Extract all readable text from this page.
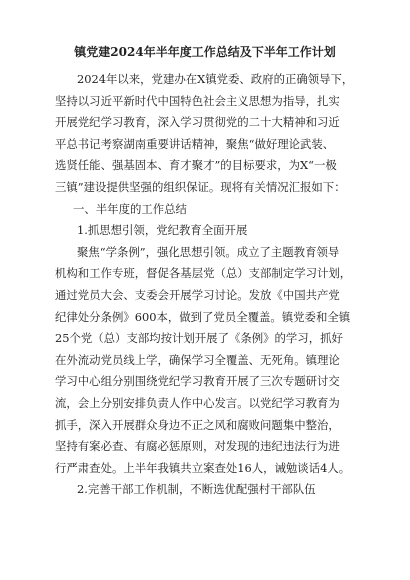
镇党建2024年半年度工作总结及下半年工作计划
2024年以来，党建办在X镇党委、政府的正确领导下，
坚持以习近平新时代中国特色社会主义思想为指导，扎实
开展党纪学习教育，深入学习贯彻党的二十大精神和习近
平总书记考察湖南重要讲话精神，聚焦“做好理论武装、
选贤任能、强基固本、育才聚才”的目标要求，为X“一极
三镇”建设提供坚强的组织保证。现将有关情况汇报如下：
一、半年度的工作总结
1.抓思想引领，党纪教育全面开展
聚焦“学条例”，强化思想引领。成立了主题教育领导
机构和工作专班，督促各基层党（总）支部制定学习计划，
通过党员大会、支委会开展学习讨论。发放《中国共产党
纪律处分条例》600本，做到了党员全覆盖。镇党委和全镇
25个党（总）支部均按计划开展了《条例》的学习，抓好
在外流动党员线上学，确保学习全覆盖、无死角。镇理论
学习中心组分别围绕党纪学习教育开展了三次专题研讨交
流，会上分别安排负责人作中心发言。以党纪学习教育为
抓手，深入开展群众身边不正之风和腐败问题集中整治，
坚持有案必查、有腐必惩原则，对发现的违纪违法行为进
行严肃查处。上半年我镇共立案查处16人，诫勉谈话4人。
2.完善干部工作机制，不断选优配强村干部队伍
